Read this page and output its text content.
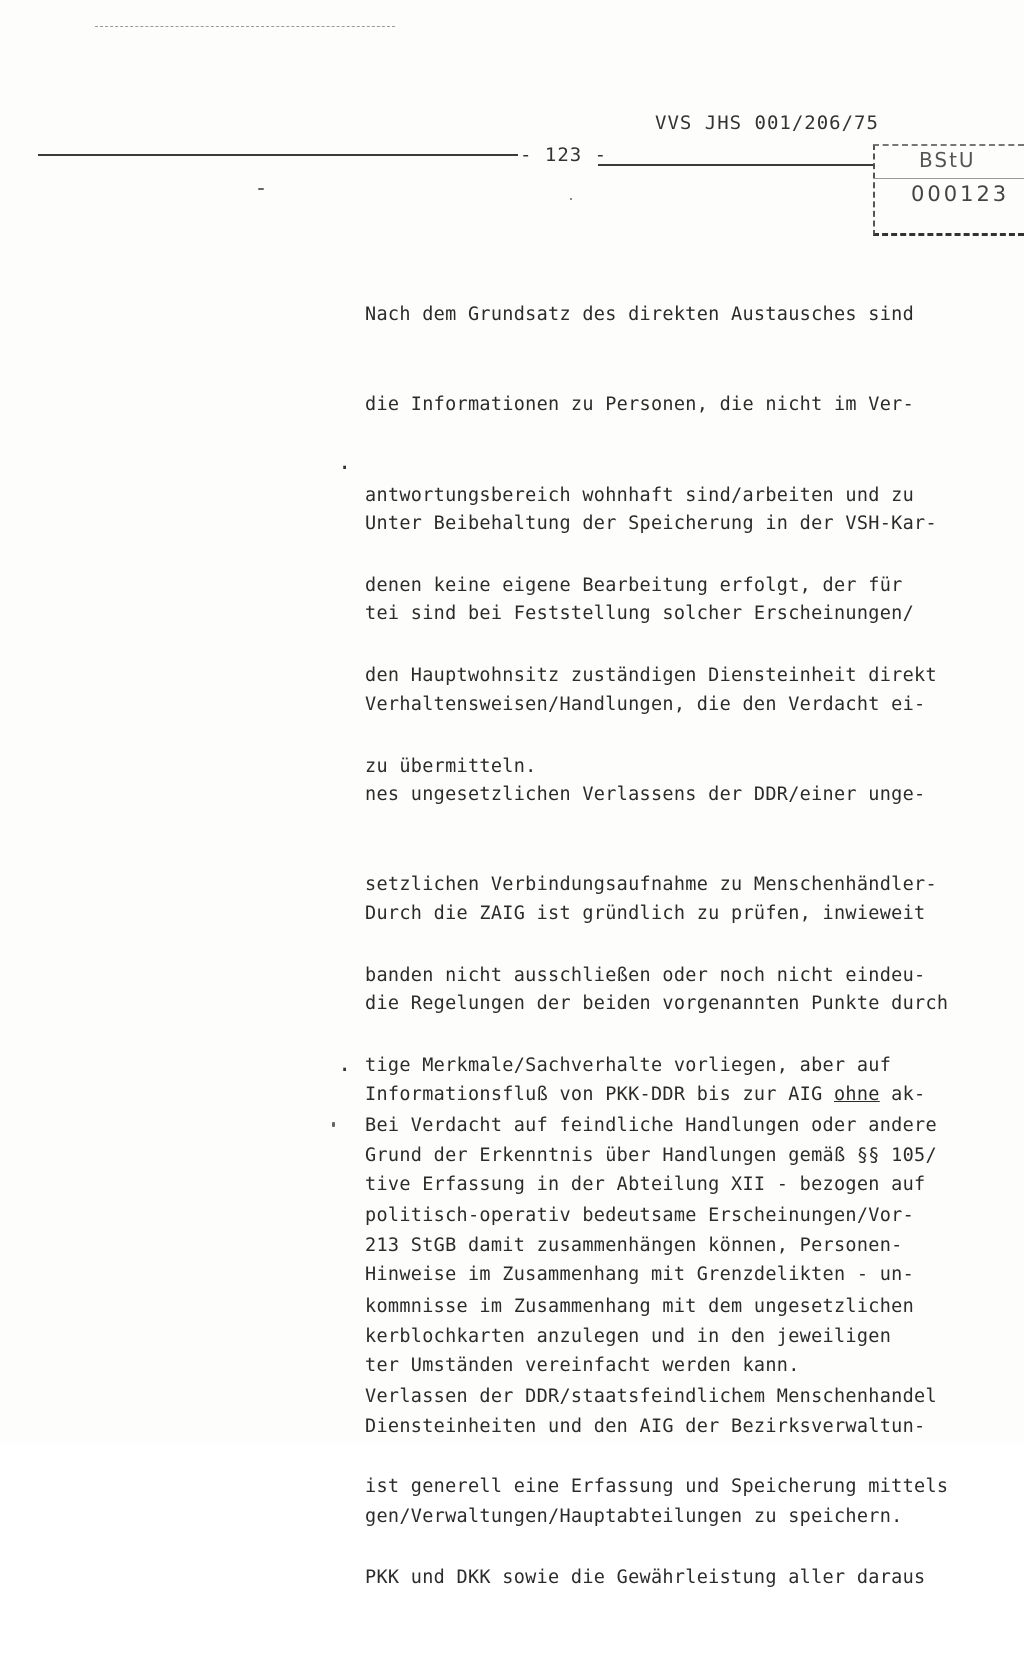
VVS JHS 001/206/75
- 123 -	BStU
000123

Nach dem Grundsatz des direkten Austausches sind

die Informationen zu Personen, die nicht im Ver-

antwortungsbereich wohnhaft sind/arbeiten und zu

denen keine eigene Bearbeitung erfolgt, der für

den Hauptwohnsitz zuständigen Diensteinheit direkt

zu übermitteln.

.

Unter Beibehaltung der Speicherung in der VSH-Kar-

tei sind bei Feststellung solcher Erscheinungen/

Verhaltensweisen/Handlungen, die den Verdacht ei-

nes ungesetzlichen Verlassens der DDR/einer unge-

setzlichen Verbindungsaufnahme zu Menschenhändler-

banden nicht ausschließen oder noch nicht eindeu-

tige Merkmale/Sachverhalte vorliegen, aber auf

Grund der Erkenntnis über Handlungen gemäß §§ 105/

213 StGB damit zusammenhängen können, Personen-

kerblochkarten anzulegen und in den jeweiligen

Diensteinheiten und den AIG der Bezirksverwaltun-

gen/Verwaltungen/Hauptabteilungen zu speichern.

Durch die ZAIG ist gründlich zu prüfen, inwieweit

die Regelungen der beiden vorgenannten Punkte durch

Informationsfluß von PKK-DDR bis zur AIG ohne ak-

tive Erfassung in der Abteilung XII - bezogen auf

Hinweise im Zusammenhang mit Grenzdelikten - un-

ter Umständen vereinfacht werden kann.

.

Bei Verdacht auf feindliche Handlungen oder andere

politisch-operativ bedeutsame Erscheinungen/Vor-

kommnisse im Zusammenhang mit dem ungesetzlichen

Verlassen der DDR/staatsfeindlichem Menschenhandel

ist generell eine Erfassung und Speicherung mittels

PKK und DKK sowie die Gewährleistung aller daraus
